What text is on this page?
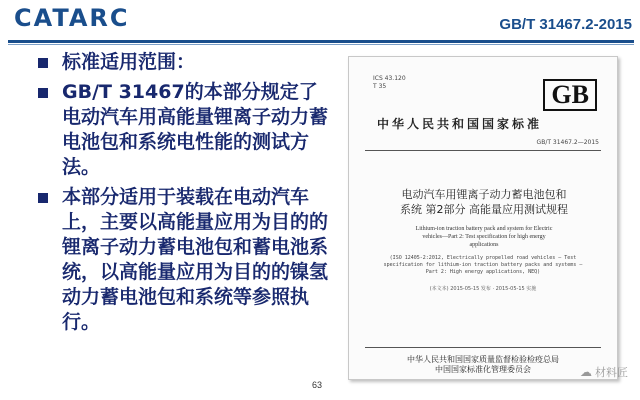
CATARC	GB/T 31467.2-2015
标准适用范围：
GB/T 31467的本部分规定了电动汽车用高能量锂离子动力蓄电池包和系统电性能的测试方法。
本部分适用于装载在电动汽车上，主要以高能量应用为目的的锂离子动力蓄电池包和蓄电池系统，以高能量应用为目的的镍氢动力蓄电池包和系统等参照执行。
ICS 43.120
T 35	GB
中华人民共和国国家标准
GB/T 31467.2—2015
电动汽车用锂离子动力蓄电池包和
系统 第2部分 高能量应用测试规程
Lithium-ion traction battery pack and system for Electric
vehicles—Part 2: Test specification for high energy
applications
(ISO 12405-2:2012, Electrically propelled road vehicles — Test
specification for lithium-ion traction battery packs and systems —
Part 2: High energy applications, NEQ)
(本文本) 2015-05-15 发布 · 2015-05-15 实施
中华人民共和国国家质量监督检验检疫总局
中国国家标准化管理委员会
63
☁ 材料匠
